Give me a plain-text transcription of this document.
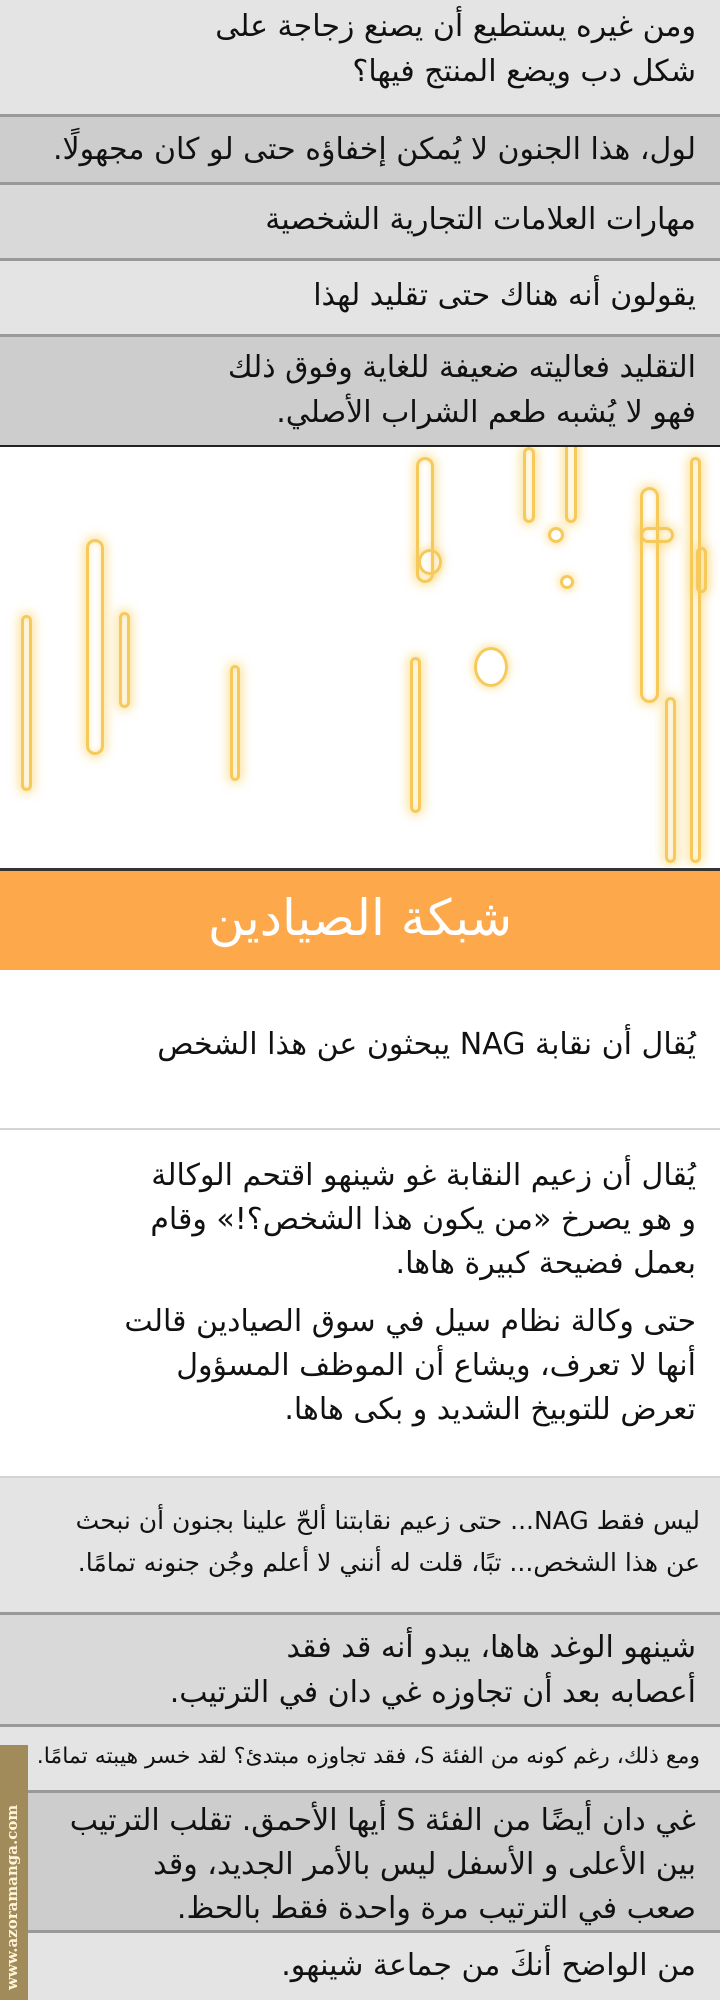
ومن غيره يستطيع أن يصنع زجاجة على
شكل دب ويضع المنتج فيها؟
لول، هذا الجنون لا يُمكن إخفاؤه حتى لو كان مجهولًا.
مهارات العلامات التجارية الشخصية
يقولون أنه هناك حتى تقليد لهذا
التقليد فعاليته ضعيفة للغاية وفوق ذلك
فهو لا يُشبه طعم الشراب الأصلي.
شبكة الصيادين
يُقال أن نقابة NAG يبحثون عن هذا الشخص
يُقال أن زعيم النقابة غو شينهو اقتحم الوكالة
و هو يصرخ «من يكون هذا الشخص؟!» وقام
بعمل فضيحة كبيرة هاها.
حتى وكالة نظام سيل في سوق الصيادين قالت
أنها لا تعرف، ويشاع أن الموظف المسؤول
تعرض للتوبيخ الشديد و بكى هاها.
ليس فقط NAG... حتى زعيم نقابتنا ألحّ علينا بجنون أن نبحث
عن هذا الشخص... تبًا، قلت له أنني لا أعلم وجُن جنونه تمامًا.
شينهو الوغد هاها، يبدو أنه قد فقد
أعصابه بعد أن تجاوزه غي دان في الترتيب.
ومع ذلك، رغم كونه من الفئة S، فقد تجاوزه مبتدئ؟ لقد خسر هيبته تمامًا.
غي دان أيضًا من الفئة S أيها الأحمق. تقلب الترتيب
بين الأعلى و الأسفل ليس بالأمر الجديد، وقد
صعب في الترتيب مرة واحدة فقط بالحظ.
من الواضح أنكَ من جماعة شينهو.
www.azoramanga.com
